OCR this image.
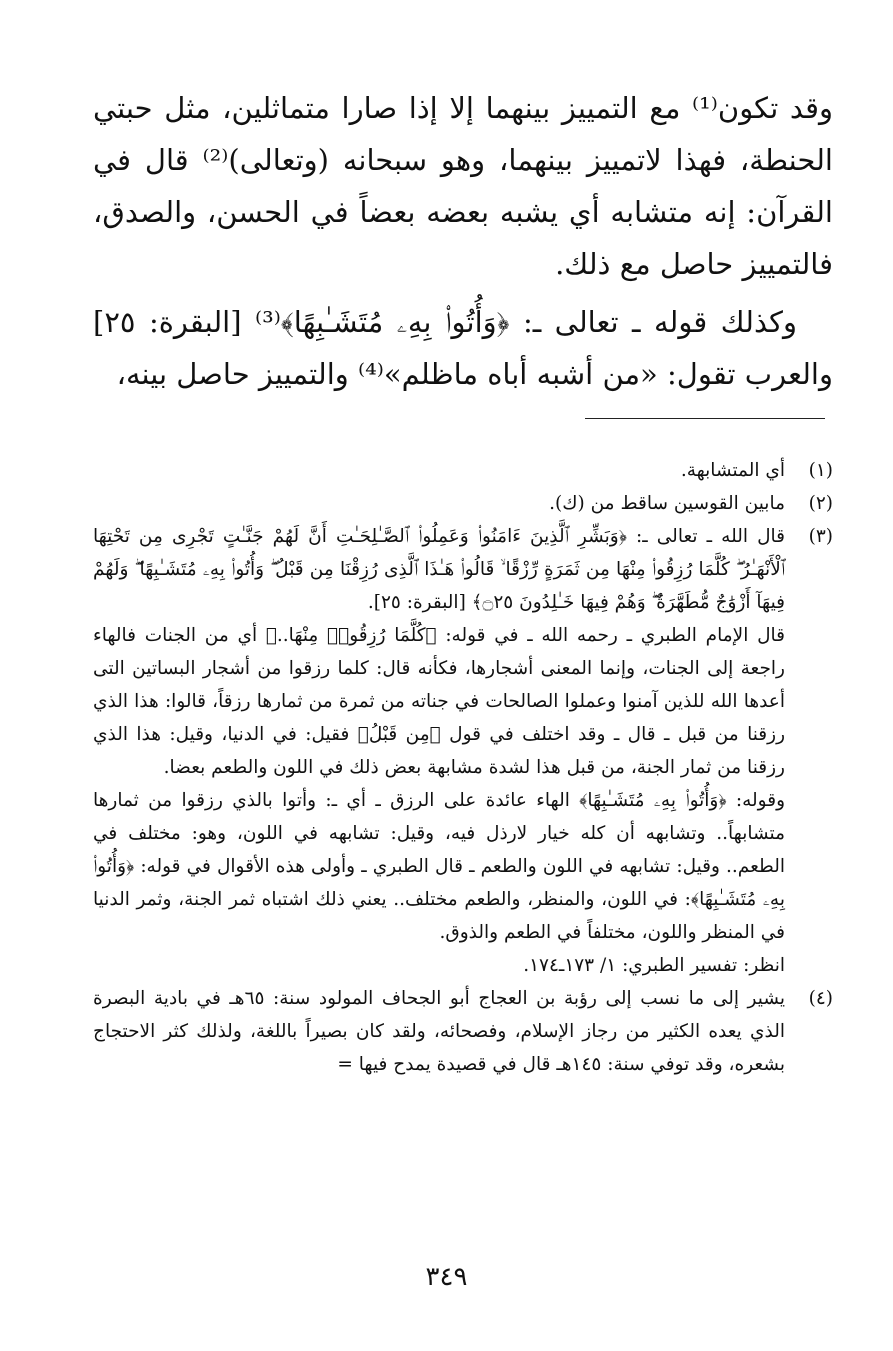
وقد تكون⁽¹⁾ مع التمييز بينهما إلا إذا صارا متماثلين، مثل حبتي الحنطة، فهذا لاتمييز بينهما، وهو سبحانه (وتعالى)⁽²⁾ قال في القرآن: إنه متشابه أي يشبه بعضه بعضاً في الحسن، والصدق، فالتمييز حاصل مع ذلك.

وكذلك قوله ـ تعالى ـ: ﴿وَأُتُوا۟ بِهِۦ مُتَشَـٰبِهًا﴾⁽³⁾ [البقرة: ٢٥] والعرب تقول: «من أشبه أباه ماظلم»⁽⁴⁾ والتمييز حاصل بينه،

(١)

أي المتشابهة.

(٢)

مابين القوسين ساقط من (ك).

(٣)

قال الله ـ تعالى ـ: ﴿وَبَشِّرِ ٱلَّذِينَ ءَامَنُوا۟ وَعَمِلُوا۟ ٱلصَّـٰلِحَـٰتِ أَنَّ لَهُمْ جَنَّـٰتٍ تَجْرِى مِن تَحْتِهَا ٱلْأَنْهَـٰرُ ۖ كُلَّمَا رُزِقُوا۟ مِنْهَا مِن ثَمَرَةٍ رِّزْقًا ۙ قَالُوا۟ هَـٰذَا ٱلَّذِى رُزِقْنَا مِن قَبْلُ ۖ وَأُتُوا۟ بِهِۦ مُتَشَـٰبِهًا ۖ وَلَهُمْ فِيهَآ أَزْوَٰجٌ مُّطَهَّرَةٌ ۖ وَهُمْ فِيهَا خَـٰلِدُونَ ۝٢٥﴾ [البقرة: ٢٥].

قال الإمام الطبري ـ رحمه الله ـ في قوله: ﴿كُلَّمَا رُزِقُوا۟ مِنْهَا..﴾ أي من الجنات فالهاء راجعة إلى الجنات، وإنما المعنى أشجارها، فكأنه قال: كلما رزقوا من أشجار البساتين التى أعدها الله للذين آمنوا وعملوا الصالحات في جناته من ثمرة من ثمارها رزقاً، قالوا: هذا الذي رزقنا من قبل ـ قال ـ وقد اختلف في قول ﴿مِن قَبْلُ﴾ فقيل: في الدنيا، وقيل: هذا الذي رزقنا من ثمار الجنة، من قبل هذا لشدة مشابهة بعض ذلك في اللون والطعم بعضا.

وقوله: ﴿وَأُتُوا۟ بِهِۦ مُتَشَـٰبِهًا﴾ الهاء عائدة على الرزق ـ أي ـ: وأتوا بالذي رزقوا من ثمارها متشابهاً.. وتشابهه أن كله خيار لارذل فيه، وقيل: تشابهه في اللون، وهو: مختلف في الطعم.. وقيل: تشابهه في اللون والطعم ـ قال الطبري ـ وأولى هذه الأقوال في قوله: ﴿وَأُتُوا۟ بِهِۦ مُتَشَـٰبِهًا﴾: في اللون، والمنظر، والطعم مختلف.. يعني ذلك اشتباه ثمر الجنة، وثمر الدنيا في المنظر واللون، مختلفاً في الطعم والذوق.

انظر: تفسير الطبري: ١/ ١٧٣ـ١٧٤.

(٤)

يشير إلى ما نسب إلى رؤبة بن العجاج أبو الجحاف المولود سنة: ٦٥هـ في بادية البصرة الذي يعده الكثير من رجاز الإسلام، وفصحائه، ولقد كان بصيراً باللغة، ولذلك كثر الاحتجاج بشعره، وقد توفي سنة: ١٤٥هـ قال في قصيدة يمدح فيها =

٣٤٩
